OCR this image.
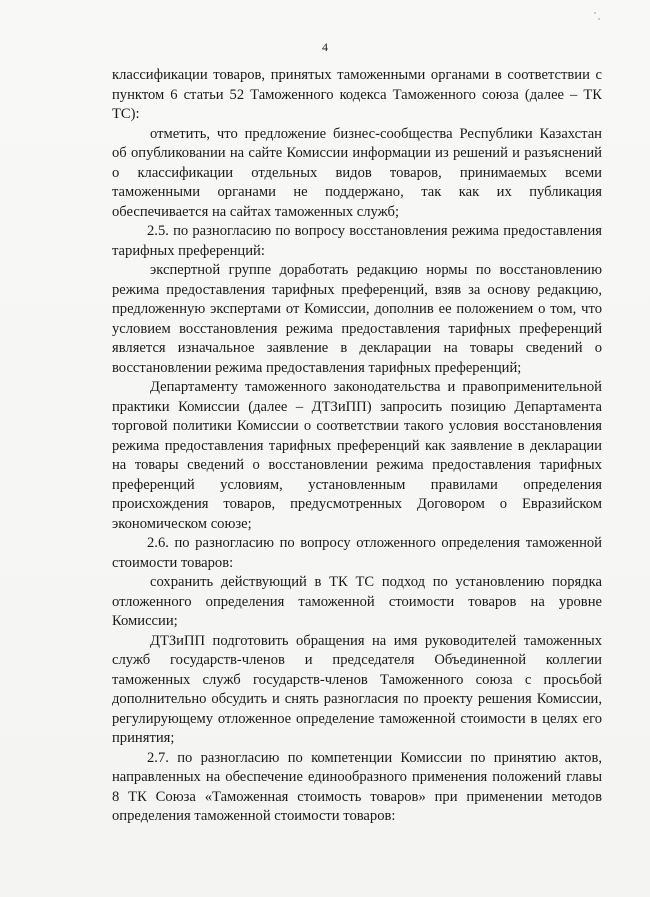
4

классификации товаров, принятых таможенными органами в соответствии с пунктом 6 статьи 52 Таможенного кодекса Таможенного союза (далее – ТК ТС):

отметить, что предложение бизнес-сообщества Республики Казахстан об опубликовании на сайте Комиссии информации из решений и разъяснений о классификации отдельных видов товаров, принимаемых всеми таможенными органами не поддержано, так как их публикация обеспечивается на сайтах таможенных служб;

2.5. по разногласию по вопросу восстановления режима предоставления тарифных преференций:

экспертной группе доработать редакцию нормы по восстановлению режима предоставления тарифных преференций, взяв за основу редакцию, предложенную экспертами от Комиссии, дополнив ее положением о том, что условием восстановления режима предоставления тарифных преференций является изначальное заявление в декларации на товары сведений о восстановлении режима предоставления тарифных преференций;

Департаменту таможенного законодательства и правоприменительной практики Комиссии (далее – ДТЗиПП) запросить позицию Департамента торговой политики Комиссии о соответствии такого условия восстановления режима предоставления тарифных преференций как заявление в декларации на товары сведений о восстановлении режима предоставления тарифных преференций условиям, установленным правилами определения происхождения товаров, предусмотренных Договором о Евразийском экономическом союзе;

2.6. по разногласию по вопросу отложенного определения таможенной стоимости товаров:

сохранить действующий в ТК ТС подход по установлению порядка отложенного определения таможенной стоимости товаров на уровне Комиссии;

ДТЗиПП подготовить обращения на имя руководителей таможенных служб государств-членов и председателя Объединенной коллегии таможенных служб государств-членов Таможенного союза с просьбой дополнительно обсудить и снять разногласия по проекту решения Комиссии, регулирующему отложенное определение таможенной стоимости в целях его принятия;

2.7. по разногласию по компетенции Комиссии по принятию актов, направленных на обеспечение единообразного применения положений главы 8 ТК Союза «Таможенная стоимость товаров» при применении методов определения таможенной стоимости товаров:
